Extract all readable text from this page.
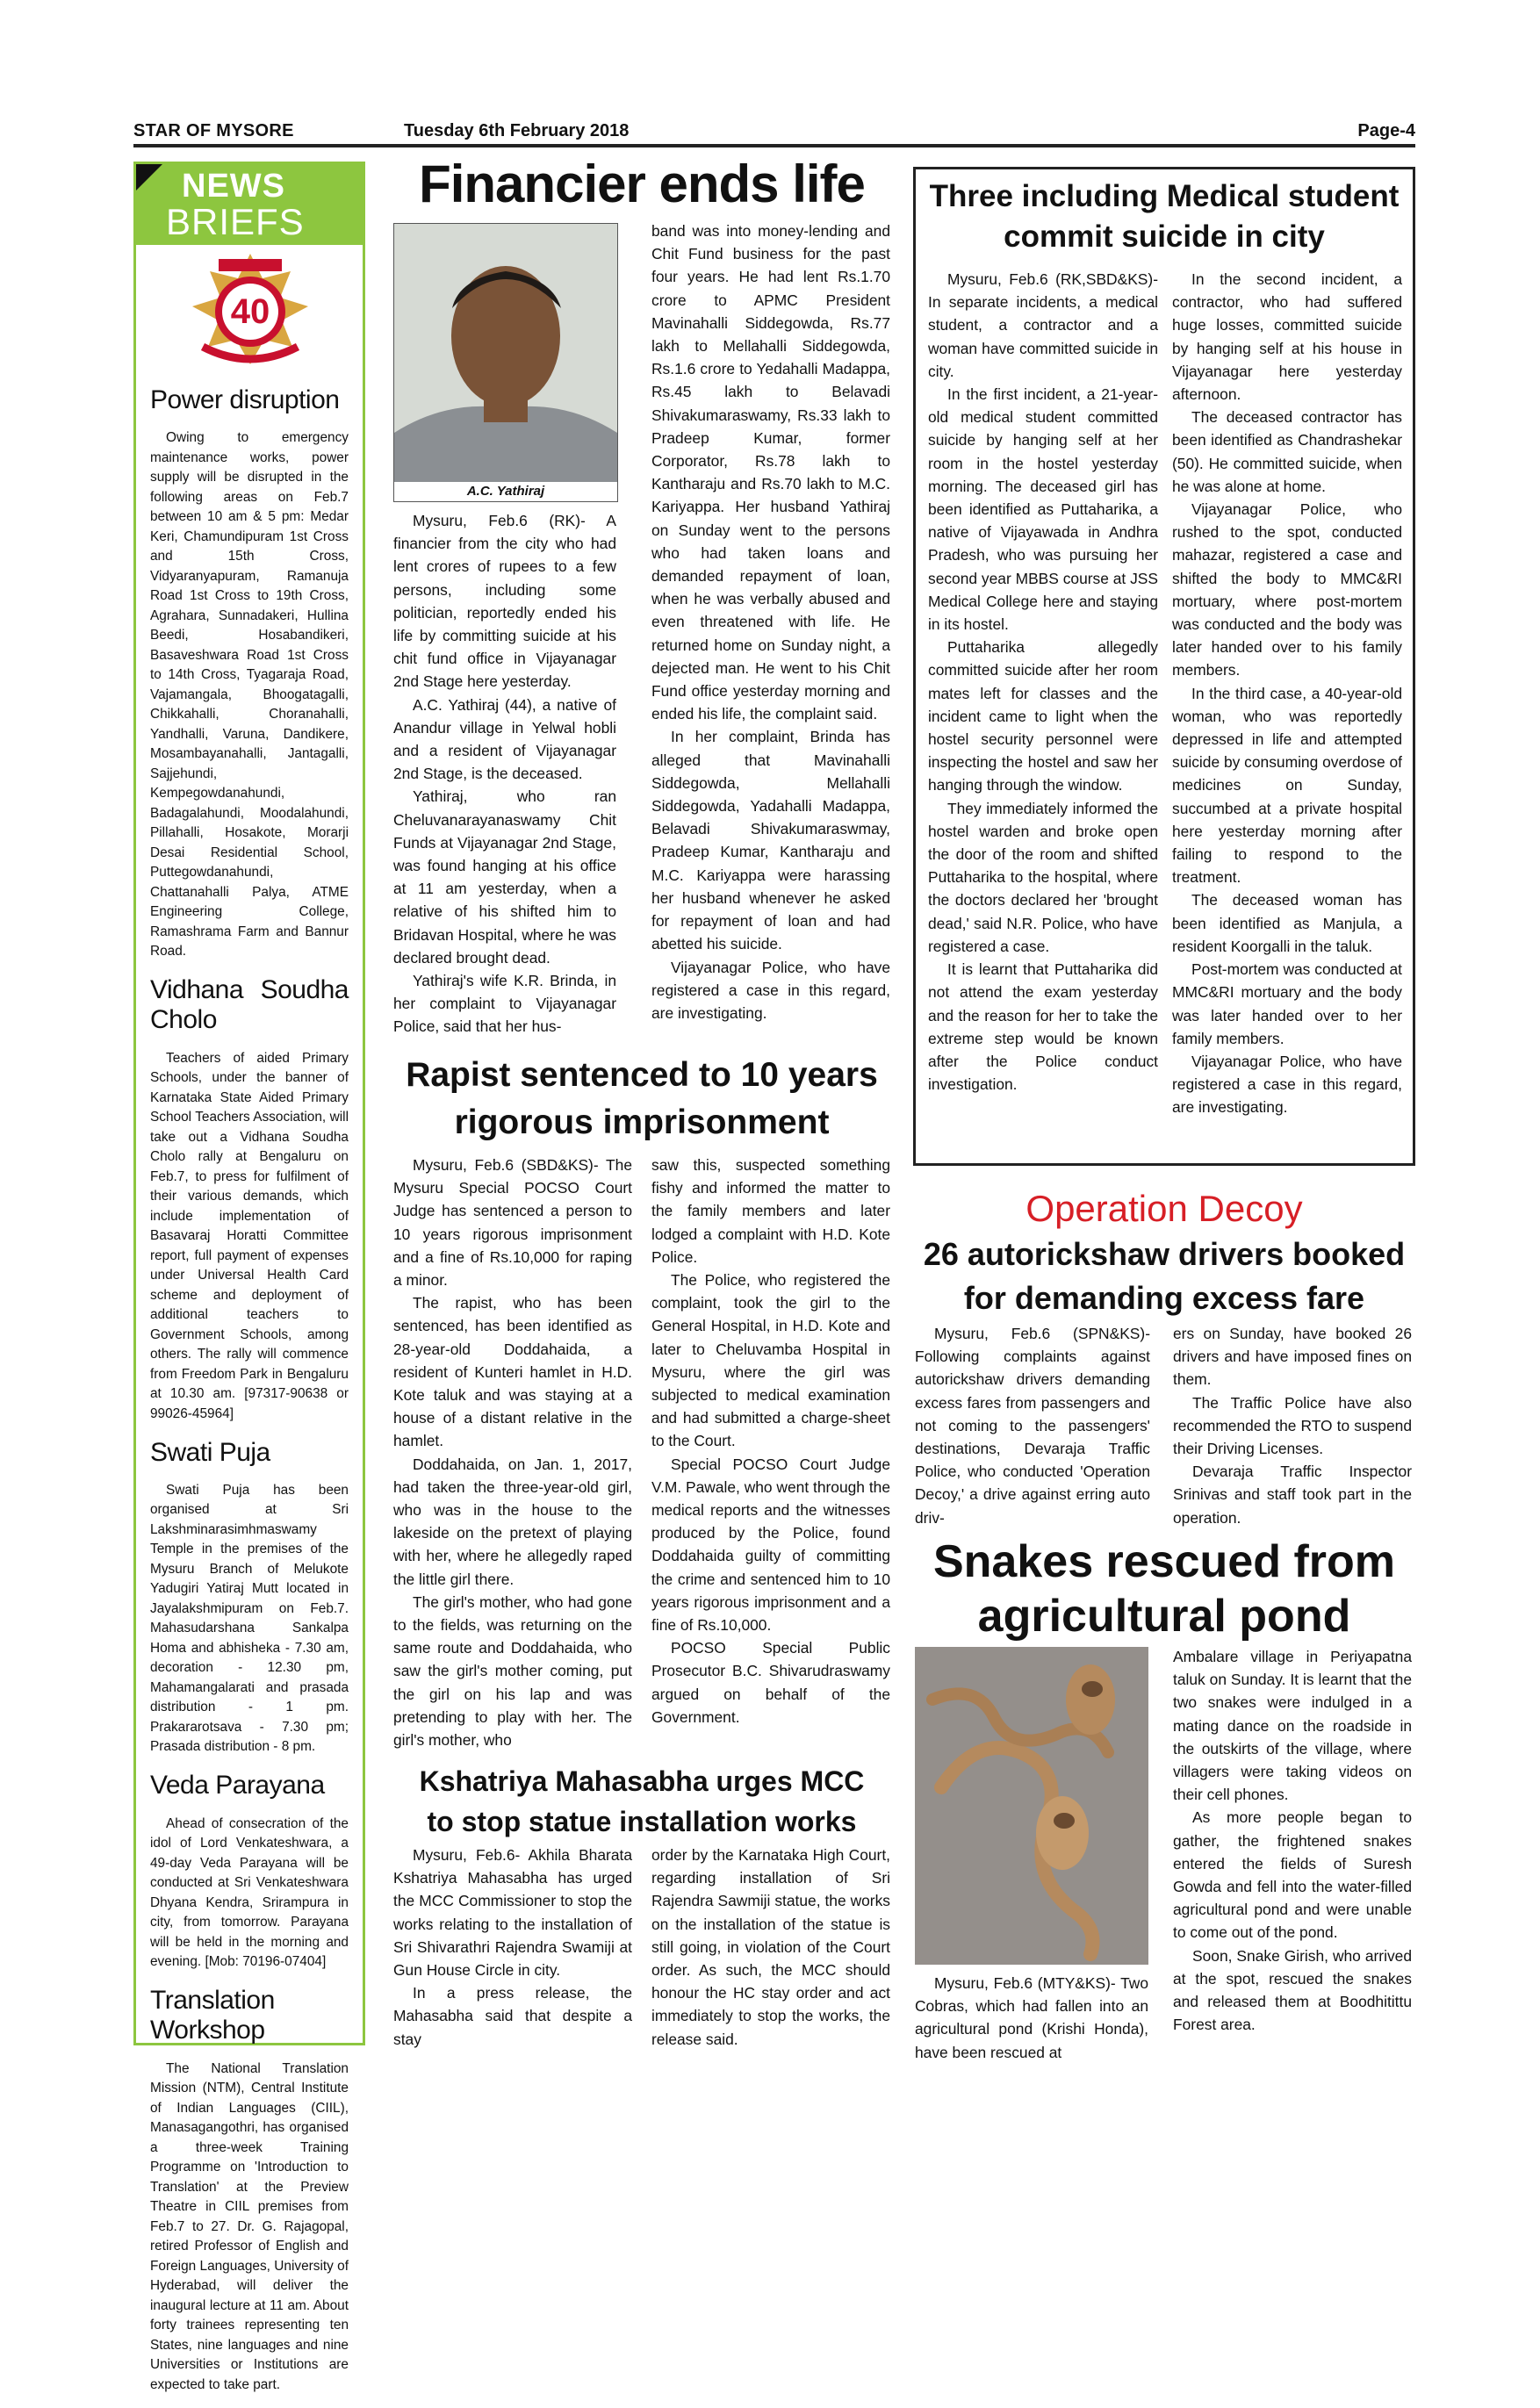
STAR OF MYSORE	Tuesday 6th February 2018	Page-4
NEWS
BRIEFS
40

Power disruption

Owing to emergency maintenance works, power supply will be disrupted in the following areas on Feb.7 between 10 am & 5 pm: Medar Keri, Chamundipuram 1st Cross and 15th Cross, Vidyaranyapuram, Ramanuja Road 1st Cross to 19th Cross, Agrahara, Sunnadakeri, Hullina Beedi, Hosabandikeri, Basaveshwara Road 1st Cross to 14th Cross, Tyagaraja Road, Vajamangala, Bhoogatagalli, Chikkahalli, Choranahalli, Yandhalli, Varuna, Dandikere, Mosambayanahalli, Jantagalli, Sajjehundi, Kempegowdanahundi, Badagalahundi, Moodalahundi, Pillahalli, Hosakote, Morarji Desai Residential School, Puttegowdanahundi, Chattanahalli Palya, ATME Engineering College, Ramashrama Farm and Bannur Road.

Vidhana Soudha Cholo

Teachers of aided Primary Schools, under the banner of Karnataka State Aided Primary School Teachers Association, will take out a Vidhana Soudha Cholo rally at Bengaluru on Feb.7, to press for fulfilment of their various demands, which include implementation of Basavaraj Horatti Committee report, full payment of expenses under Universal Health Card scheme and deployment of additional teachers to Government Schools, among others. The rally will commence from Freedom Park in Bengaluru at 10.30 am. [97317-90638 or 99026-45964]

Swati Puja

Swati Puja has been organised at Sri Lakshminarasimhmaswamy Temple in the premises of the Mysuru Branch of Melukote Yadugiri Yatiraj Mutt located in Jayalakshmipuram on Feb.7. Mahasudarshana Sankalpa Homa and abhisheka - 7.30 am, decoration - 12.30 pm, Mahamangalarati and prasada distribution - 1 pm. Prakararotsava - 7.30 pm; Prasada distribution - 8 pm.

Veda Parayana

Ahead of consecration of the idol of Lord Venkateshwara, a 49-day Veda Parayana will be conducted at Sri Venkateshwara Dhyana Kendra, Srirampura in city, from tomorrow. Parayana will be held in the morning and evening. [Mob: 70196-07404]

Translation Workshop

The National Translation Mission (NTM), Central Institute of Indian Languages (CIIL), Manasagangothri, has organised a three-week Training Programme on 'Introduction to Translation' at the Preview Theatre in CIIL premises from Feb.7 to 27. Dr. G. Rajagopal, retired Professor of English and Foreign Languages, University of Hyderabad, will deliver the inaugural lecture at 11 am. About forty trainees representing ten States, nine languages and nine Universities or Institutions are expected to take part.

Financier ends life
A.C. Yathiraj

Mysuru, Feb.6 (RK)- A financier from the city who had lent crores of rupees to a few persons, including some politician, reportedly ended his life by committing suicide at his chit fund office in Vijayanagar 2nd Stage here yesterday.

A.C. Yathiraj (44), a native of Anandur village in Yelwal hobli and a resident of Vijayanagar 2nd Stage, is the deceased.

Yathiraj, who ran Cheluvanarayanaswamy Chit Funds at Vijayanagar 2nd Stage, was found hanging at his office at 11 am yesterday, when a relative of his shifted him to Bridavan Hospital, where he was declared brought dead.

Yathiraj's wife K.R. Brinda, in her complaint to Vijayanagar Police, said that her hus-

band was into money-lending and Chit Fund business for the past four years. He had lent Rs.1.70 crore to APMC President Mavinahalli Siddegowda, Rs.77 lakh to Mellahalli Siddegowda, Rs.1.6 crore to Yedahalli Madappa, Rs.45 lakh to Belavadi Shivakumaraswamy, Rs.33 lakh to Pradeep Kumar, former Corporator, Rs.78 lakh to Kantharaju and Rs.70 lakh to M.C. Kariyappa. Her husband Yathiraj on Sunday went to the persons who had taken loans and demanded repayment of loan, when he was verbally abused and even threatened with life. He returned home on Sunday night, a dejected man. He went to his Chit Fund office yesterday morning and ended his life, the complaint said.

In her complaint, Brinda has alleged that Mavinahalli Siddegowda, Mellahalli Siddegowda, Yadahalli Madappa, Belavadi Shivakumaraswmay, Pradeep Kumar, Kantharaju and M.C. Kariyappa were harassing her husband whenever he asked for repayment of loan and had abetted his suicide.

Vijayanagar Police, who have registered a case in this regard, are investigating.

Rapist sentenced to 10 years
rigorous imprisonment

Mysuru, Feb.6 (SBD&KS)- The Mysuru Special POCSO Court Judge has sentenced a person to 10 years rigorous imprisonment and a fine of Rs.10,000 for raping a minor.

The rapist, who has been sentenced, has been identified as 28-year-old Doddahaida, a resident of Kunteri hamlet in H.D. Kote taluk and was staying at a house of a distant relative in the hamlet.

Doddahaida, on Jan. 1, 2017, had taken the three-year-old girl, who was in the house to the lakeside on the pretext of playing with her, where he allegedly raped the little girl there.

The girl's mother, who had gone to the fields, was returning on the same route and Doddahaida, who saw the girl's mother coming, put the girl on his lap and was pretending to play with her. The girl's mother, who

saw this, suspected something fishy and informed the matter to the family members and later lodged a complaint with H.D. Kote Police.

The Police, who registered the complaint, took the girl to the General Hospital, in H.D. Kote and later to Cheluvamba Hospital in Mysuru, where the girl was subjected to medical examination and had submitted a charge-sheet to the Court.

Special POCSO Court Judge V.M. Pawale, who went through the medical reports and the witnesses produced by the Police, found Doddahaida guilty of committing the crime and sentenced him to 10 years rigorous imprisonment and a fine of Rs.10,000.

POCSO Special Public Prosecutor B.C. Shivarudraswamy argued on behalf of the Government.

Kshatriya Mahasabha urges MCC
to stop statue installation works

Mysuru, Feb.6- Akhila Bharata Kshatriya Mahasabha has urged the MCC Commissioner to stop the works relating to the installation of Sri Shivarathri Rajendra Swamiji at Gun House Circle in city.

In a press release, the Mahasabha said that despite a stay

order by the Karnataka High Court, regarding installation of Sri Rajendra Sawmiji statue, the works on the installation of the statue is still going, in violation of the Court order. As such, the MCC should honour the HC stay order and act immediately to stop the works, the release said.

Three including Medical student
commit suicide in city

Mysuru, Feb.6 (RK,SBD&KS)- In separate incidents, a medical student, a contractor and a woman have committed suicide in city.

In the first incident, a 21-year-old medical student committed suicide by hanging self at her room in the hostel yesterday morning. The deceased girl has been identified as Puttaharika, a native of Vijayawada in Andhra Pradesh, who was pursuing her second year MBBS course at JSS Medical College here and staying in its hostel.

Puttaharika allegedly committed suicide after her room mates left for classes and the incident came to light when the hostel security personnel were inspecting the hostel and saw her hanging through the window.

They immediately informed the hostel warden and broke open the door of the room and shifted Puttaharika to the hospital, where the doctors declared her 'brought dead,' said N.R. Police, who have registered a case.

It is learnt that Puttaharika did not attend the exam yesterday and the reason for her to take the extreme step would be known after the Police conduct investigation.

In the second incident, a contractor, who had suffered huge losses, committed suicide by hanging self at his house in Vijayanagar here yesterday afternoon.

The deceased contractor has been identified as Chandrashekar (50). He committed suicide, when he was alone at home.

Vijayanagar Police, who rushed to the spot, conducted mahazar, registered a case and shifted the body to MMC&RI mortuary, where post-mortem was conducted and the body was later handed over to his family members.

In the third case, a 40-year-old woman, who was reportedly depressed in life and attempted suicide by consuming overdose of medicines on Sunday, succumbed at a private hospital here yesterday morning after failing to respond to the treatment.

The deceased woman has been identified as Manjula, a resident Koorgalli in the taluk.

Post-mortem was conducted at MMC&RI mortuary and the body was later handed over to her family members.

Vijayanagar Police, who have registered a case in this regard, are investigating.

Operation Decoy
26 autorickshaw drivers booked
for demanding excess fare

Mysuru, Feb.6 (SPN&KS)- Following complaints against autorickshaw drivers demanding excess fares from passengers and not coming to the passengers' destinations, Devaraja Traffic Police, who conducted 'Operation Decoy,' a drive against erring auto driv-

ers on Sunday, have booked 26 drivers and have imposed fines on them.

The Traffic Police have also recommended the RTO to suspend their Driving Licenses.

Devaraja Traffic Inspector Srinivas and staff took part in the operation.

Snakes rescued from
agricultural pond

Mysuru, Feb.6 (MTY&KS)- Two Cobras, which had fallen into an agricultural pond (Krishi Honda), have been rescued at

Ambalare village in Periyapatna taluk on Sunday. It is learnt that the two snakes were indulged in a mating dance on the roadside in the outskirts of the village, where villagers were taking videos on their cell phones.

As more people began to gather, the frightened snakes entered the fields of Suresh Gowda and fell into the water-filled agricultural pond and were unable to come out of the pond.

Soon, Snake Girish, who arrived at the spot, rescued the snakes and released them at Boodhitittu Forest area.
